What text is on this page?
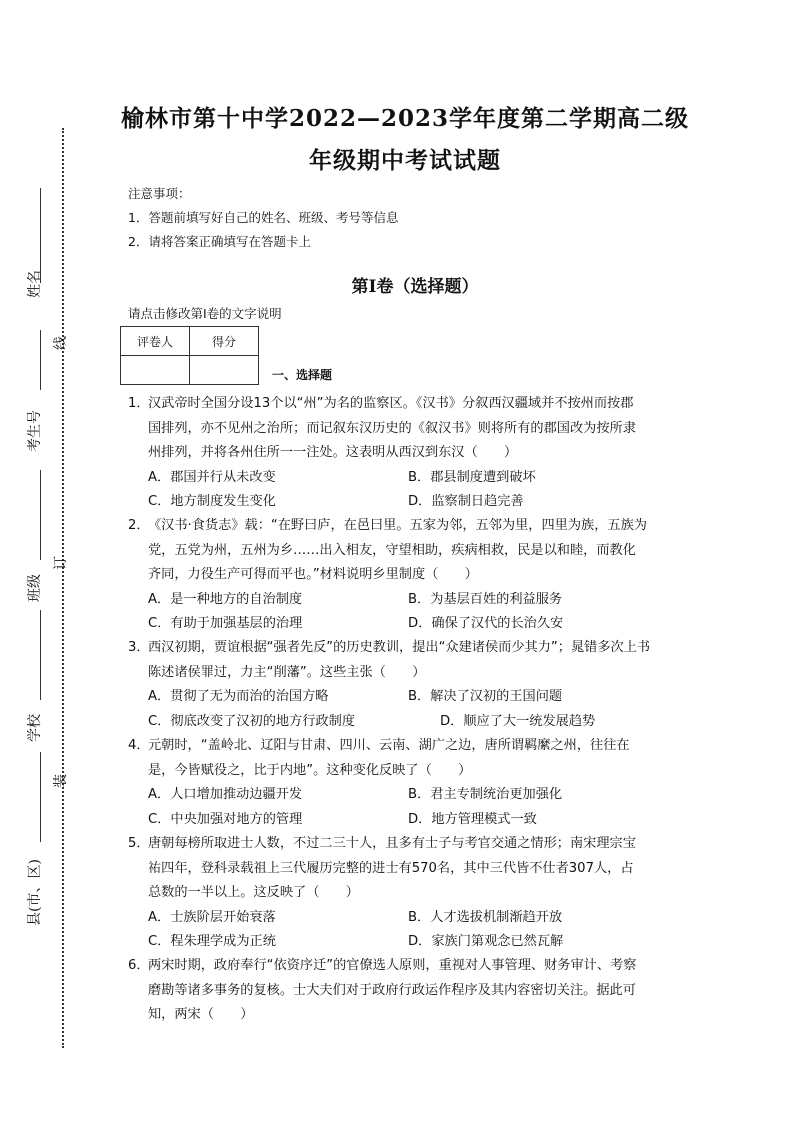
姓名
考生号
班级
学校
县(市、区)
线
订
装
榆林市第十中学2022—2023学年度第二学期高二级
年级期中考试试题
注意事项：
1．答题前填写好自己的姓名、班级、考号等信息
2．请将答案正确填写在答题卡上
第I卷（选择题）
请点击修改第I卷的文字说明
评卷人	得分

一、选择题
1．
汉武帝时全国分设13个以“州”为名的监察区。《汉书》分叙西汉疆域并不按州而按郡
国排列，亦不见州之治所；而记叙东汉历史的《叙汉书》则将所有的郡国改为按所隶
州排列，并将各州住所一一注处。这表明从西汉到东汉（　　）
A．郡国并行从未改变	B．郡县制度遭到破坏
C．地方制度发生变化	D．监察制日趋完善
2．
《汉书·食货志》载：“在野曰庐，在邑曰里。五家为邻，五邻为里，四里为族，五族为
党，五党为州，五州为乡……出入相友，守望相助，疾病相救，民是以和睦，而教化
齐同，力役生产可得而平也。”材料说明乡里制度（　　）
A．是一种地方的自治制度	B．为基层百姓的利益服务
C．有助于加强基层的治理	D．确保了汉代的长治久安
3．
西汉初期，贾谊根据“强者先反”的历史教训，提出“众建诸侯而少其力”；晁错多次上书
陈述诸侯罪过，力主“削藩”。这些主张（　　）
A．贯彻了无为而治的治国方略	B．解决了汉初的王国问题
C．彻底改变了汉初的地方行政制度	D．顺应了大一统发展趋势
4．
元朝时，“盖岭北、辽阳与甘肃、四川、云南、湖广之边，唐所谓羁縻之州，往往在
是，今皆赋役之，比于内地”。这种变化反映了（　　）
A．人口增加推动边疆开发	B．君主专制统治更加强化
C．中央加强对地方的管理	D．地方管理模式一致
5．
唐朝每榜所取进士人数，不过二三十人，且多有士子与考官交通之情形；南宋理宗宝
祐四年，登科录载祖上三代履历完整的进士有570名，其中三代皆不仕者307人，占
总数的一半以上。这反映了（　　）
A．士族阶层开始衰落	B．人才选拔机制渐趋开放
C．程朱理学成为正统	D．家族门第观念已然瓦解
6．
两宋时期，政府奉行“依资序迁”的官僚选人原则，重视对人事管理、财务审计、考察
磨勘等诸多事务的复核。士大夫们对于政府行政运作程序及其内容密切关注。据此可
知，两宋（　　）
